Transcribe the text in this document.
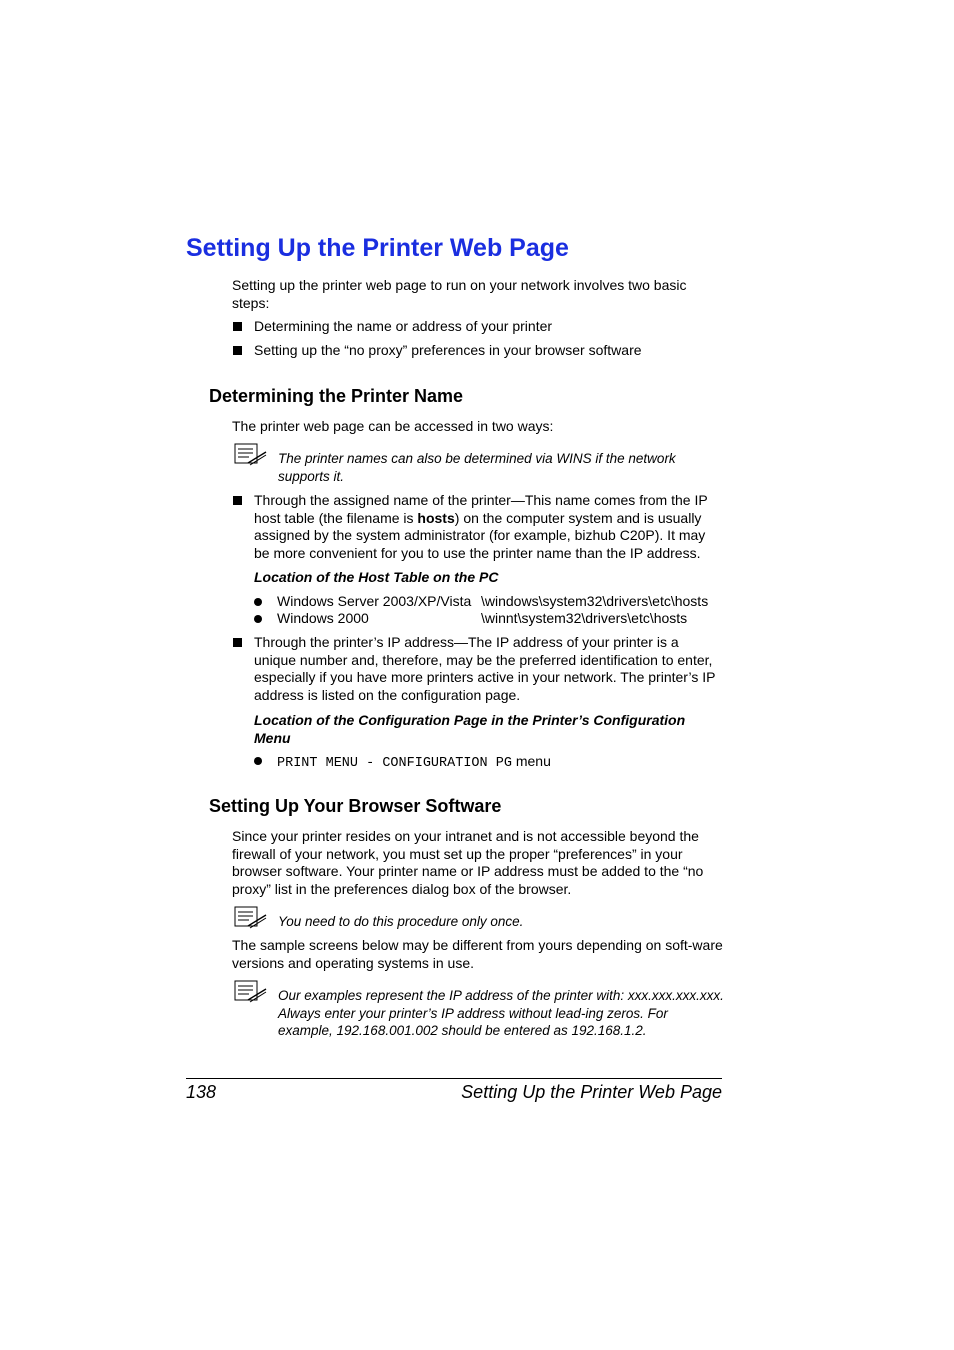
Setting Up the Printer Web Page
Setting up the printer web page to run on your network involves two basic steps:
Determining the name or address of your printer
Setting up the “no proxy” preferences in your browser software
Determining the Printer Name
The printer web page can be accessed in two ways:
The printer names can also be determined via WINS if the network supports it.
Through the assigned name of the printer—This name comes from the IP host table (the filename is hosts) on the computer system and is usually assigned by the system administrator (for example, bizhub C20P). It may be more convenient for you to use the printer name than the IP address.
Location of the Host Table on the PC
Windows Server 2003/XP/Vista \windows\system32\drivers\etc\hosts
Windows 2000	\winnt\system32\drivers\etc\hosts
Through the printer’s IP address—The IP address of your printer is a unique number and, therefore, may be the preferred identification to enter, especially if you have more printers active in your network. The printer’s IP address is listed on the configuration page.
Location of the Configuration Page in the Printer’s Configuration Menu
PRINT MENU - CONFIGURATION PG menu
Setting Up Your Browser Software
Since your printer resides on your intranet and is not accessible beyond the firewall of your network, you must set up the proper “preferences” in your browser software. Your printer name or IP address must be added to the “no proxy” list in the preferences dialog box of the browser.
You need to do this procedure only once.
The sample screens below may be different from yours depending on soft-ware versions and operating systems in use.
Our examples represent the IP address of the printer with: xxx.xxx.xxx.xxx. Always enter your printer’s IP address without lead-ing zeros. For example, 192.168.001.002 should be entered as 192.168.1.2.
138	Setting Up the Printer Web Page
